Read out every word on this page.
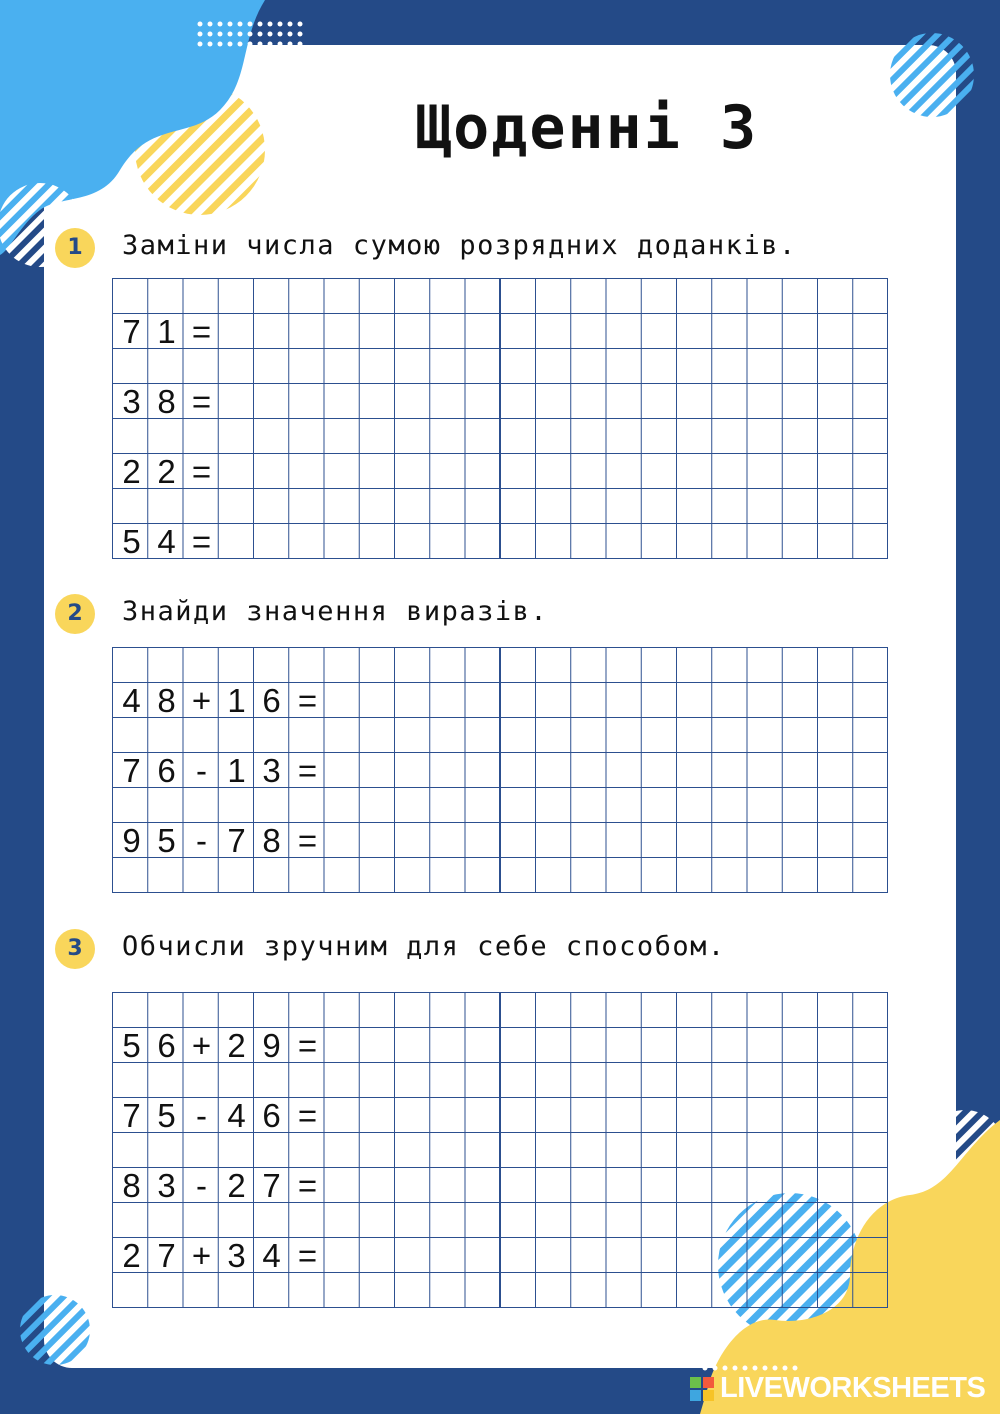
Щоденні 3
1	Заміни числа сумою розрядних доданків.
7 1 =
3 8 =
2 2 =
5 4 =
2	Знайди значення виразів.
4 8 + 1 6 =
7 6 - 1 3 =
9 5 - 7 8 =
3	Обчисли зручним для себе способом.
5 6 + 2 9 =
7 5 - 4 6 =
8 3 - 2 7 =
2 7 + 3 4 =
LIVEWORKSHEETS
